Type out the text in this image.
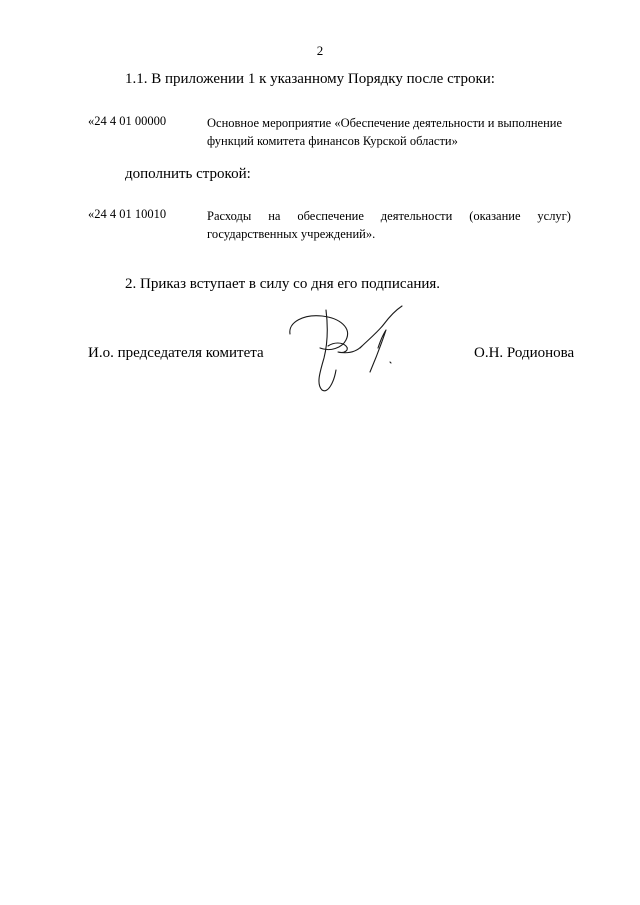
2
1.1. В приложении 1 к указанному Порядку после строки:
«24 4 01 00000	Основное мероприятие «Обеспечение деятельности и выполнение
функций комитета финансов Курской области»
дополнить строкой:
«24 4 01 10010	Расходы на обеспечение деятельности (оказание услуг)
государственных учреждений».
2. Приказ вступает в силу со дня его подписания.
И.о. председателя комитета	О.Н. Родионова
